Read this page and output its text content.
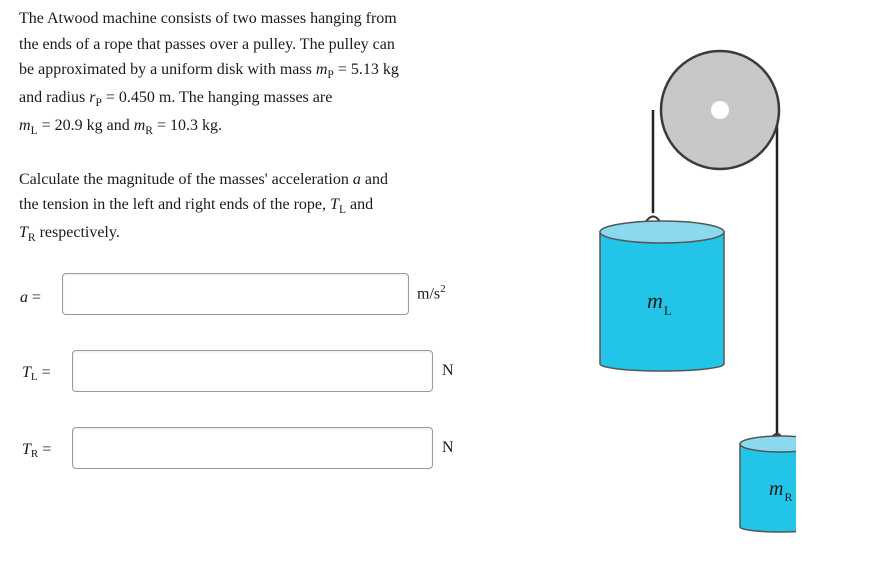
The Atwood machine consists of two masses hanging from
the ends of a rope that passes over a pulley. The pulley can
be approximated by a uniform disk with mass $m_P = 5.13$ kg
and radius $r_P = 0.450$ m. The hanging masses are
$m_L = 20.9$ kg and $m_R = 10.3$ kg.

Calculate the magnitude of the masses' acceleration a and
the tension in the left and right ends of the rope, $T_L$ and
$T_R$ respectively.

a =	$m/s^2$
TL =	N
TR =	N
$m_L$
$m_R$
